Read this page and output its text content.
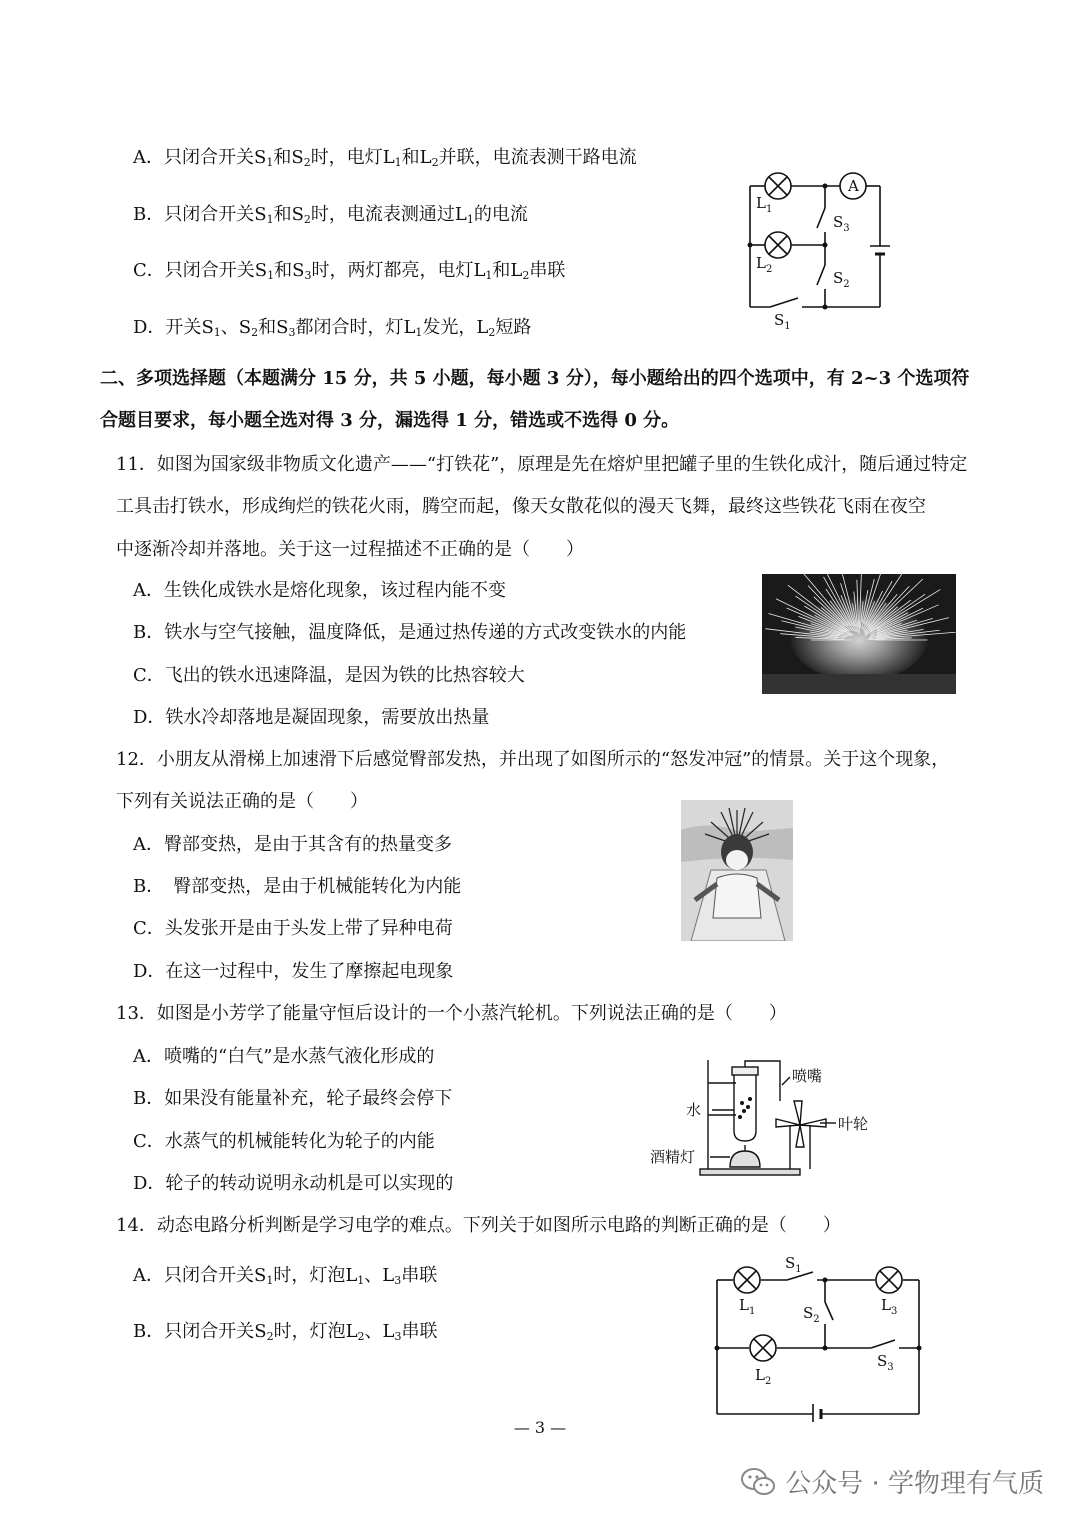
A．只闭合开关$S_1$和$S_2$时，电灯$L_1$和$L_2$并联，电流表测干路电流
B．只闭合开关$S_1$和$S_2$时，电流表测通过$L_1$的电流
C．只闭合开关$S_1$和$S_3$时，两灯都亮，电灯$L_1$和$L_2$串联
D．开关$S_1$、$S_2$和$S_3$都闭合时，灯$L_1$发光，$L_2$短路
A
$L_1$
$L_2$
$S_3$
$S_2$
$S_1$
二、多项选择题（本题满分 15 分，共 5 小题，每小题 3 分），每小题给出的四个选项中，有 2~3 个选项符
合题目要求，每小题全选对得 3 分，漏选得 1 分，错选或不选得 0 分。
11．如图为国家级非物质文化遗产——“打铁花”，原理是先在熔炉里把罐子里的生铁化成汁，随后通过特定
工具击打铁水，形成绚烂的铁花火雨，腾空而起，像天女散花似的漫天飞舞，最终这些铁花飞雨在夜空
中逐渐冷却并落地。关于这一过程描述不正确的是（　　）
A．生铁化成铁水是熔化现象，该过程内能不变
B．铁水与空气接触，温度降低，是通过热传递的方式改变铁水的内能
C．飞出的铁水迅速降温，是因为铁的比热容较大
D．铁水冷却落地是凝固现象，需要放出热量
12．小朋友从滑梯上加速滑下后感觉臀部发热，并出现了如图所示的“怒发冲冠”的情景。关于这个现象，
下列有关说法正确的是（　　）
A．臀部变热，是由于其含有的热量变多
B．　臀部变热，是由于机械能转化为内能
C．头发张开是由于头发上带了异种电荷
D．在这一过程中，发生了摩擦起电现象
13．如图是小芳学了能量守恒后设计的一个小蒸汽轮机。下列说法正确的是（　　）
A．喷嘴的“白气”是水蒸气液化形成的
B．如果没有能量补充，轮子最终会停下
C．水蒸气的机械能转化为轮子的内能
D．轮子的转动说明永动机是可以实现的
喷嘴
水
叶轮
酒精灯
14．动态电路分析判断是学习电学的难点。下列关于如图所示电路的判断正确的是（　　）
A．只闭合开关$S_1$时，灯泡$L_1$、$L_3$串联
B．只闭合开关$S_2$时，灯泡$L_2$、$L_3$串联
$S_1$
$L_1$	$L_3$
$S_2$
$L_2$
$S_3$
— 3 —
公众号 · 学物理有气质
